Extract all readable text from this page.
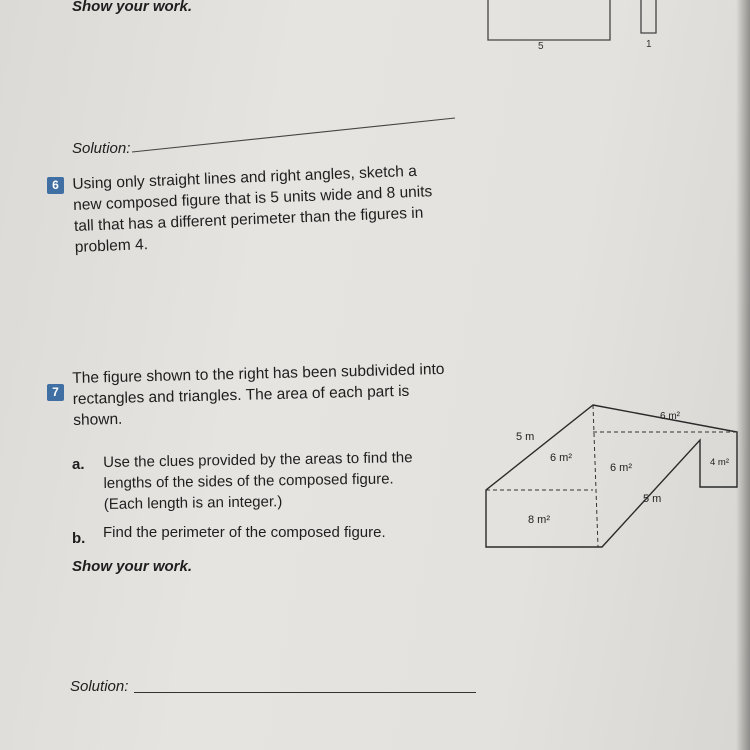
Show your work.
5	1
Solution:
6 Using only straight lines and right angles, sketch a new composed figure that is 5 units wide and 8 units tall that has a different perimeter than the figures in problem 4.
7
The figure shown to the right has been subdivided into rectangles and triangles. The area of each part is shown.
a. Use the clues provided by the areas to find the lengths of the sides of the composed figure. (Each length is an integer.)
b. Find the perimeter of the composed figure.
Show your work.
5 m
6 m²
6 m²
6 m²	4 m²
5 m
8 m²
Solution:
